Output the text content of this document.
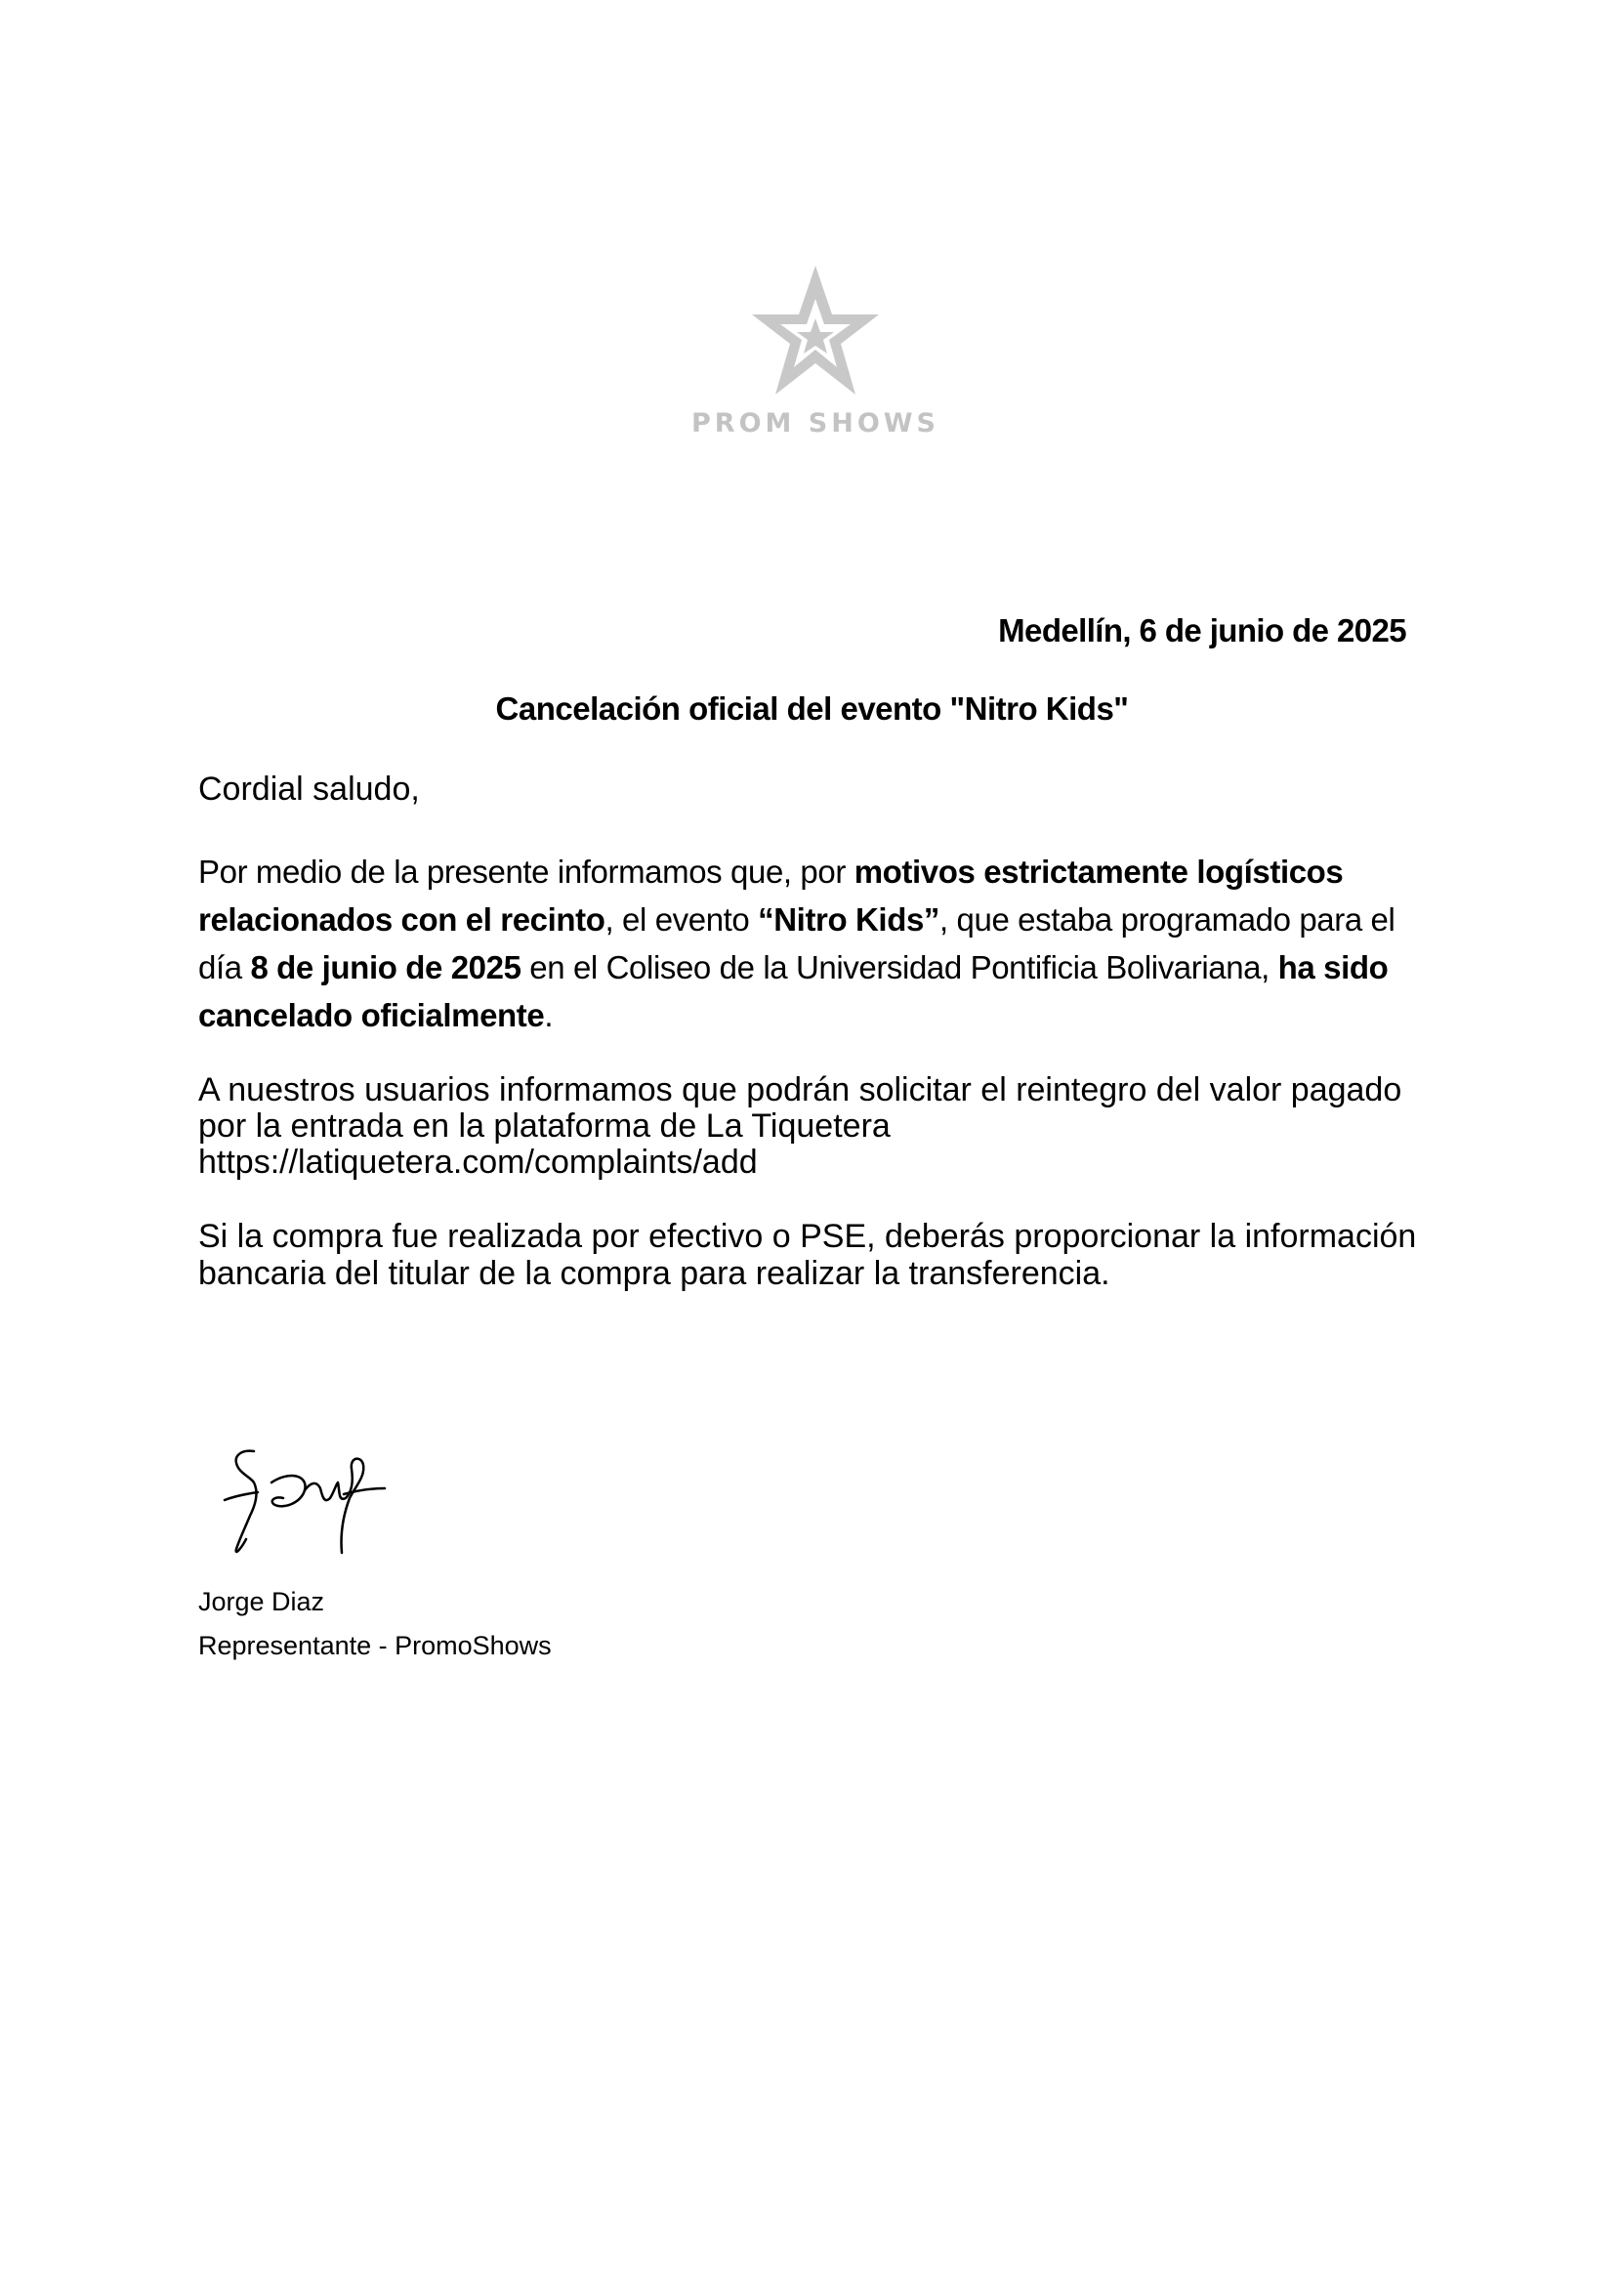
PROM SHOWS
Medellín, 6 de junio de 2025
Cancelación oficial del evento "Nitro Kids"

Cordial saludo,

Por medio de la presente informamos que, por motivos estrictamente logísticos relacionados con el recinto, el evento “Nitro Kids”, que estaba programado para el día 8 de junio de 2025 en el Coliseo de la Universidad Pontificia Bolivariana, ha sido cancelado oficialmente.

A nuestros usuarios informamos que podrán solicitar el reintegro del valor pagado
por la entrada en la plataforma de La Tiquetera
https://latiquetera.com/complaints/add

Si la compra fue realizada por efectivo o PSE, deberás proporcionar la información
bancaria del titular de la compra para realizar la transferencia.

Jorge Diaz
Representante - PromoShows
